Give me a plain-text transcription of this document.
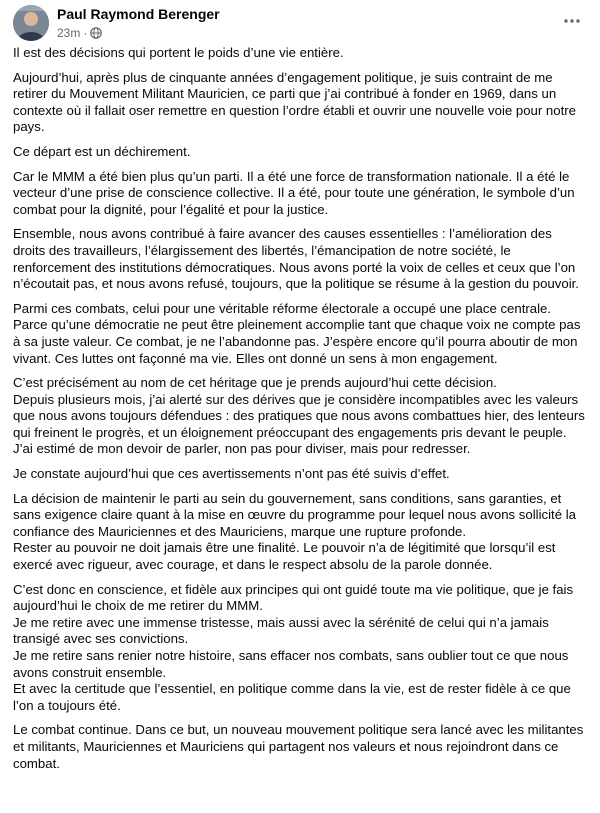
Paul Raymond Berenger
23m ·

Il est des décisions qui portent le poids d’une vie entière.

Aujourd’hui, après plus de cinquante années d’engagement politique, je suis contraint de me retirer du Mouvement Militant Mauricien, ce parti que j’ai contribué à fonder en 1969, dans un contexte où il fallait oser remettre en question l’ordre établi et ouvrir une nouvelle voie pour notre pays.

Ce départ est un déchirement.

Car le MMM a été bien plus qu’un parti. Il a été une force de transformation nationale. Il a été le vecteur d’une prise de conscience collective. Il a été, pour toute une génération, le symbole d’un combat pour la dignité, pour l’égalité et pour la justice.

Ensemble, nous avons contribué à faire avancer des causes essentielles : l’amélioration des droits des travailleurs, l’élargissement des libertés, l’émancipation de notre société, le renforcement des institutions démocratiques. Nous avons porté la voix de celles et ceux que l’on n’écoutait pas, et nous avons refusé, toujours, que la politique se résume à la gestion du pouvoir.

Parmi ces combats, celui pour une véritable réforme électorale a occupé une place centrale. Parce qu’une démocratie ne peut être pleinement accomplie tant que chaque voix ne compte pas à sa juste valeur. Ce combat, je ne l’abandonne pas. J’espère encore qu’il pourra aboutir de mon vivant. Ces luttes ont façonné ma vie. Elles ont donné un sens à mon engagement.

C’est précisément au nom de cet héritage que je prends aujourd’hui cette décision.
Depuis plusieurs mois, j’ai alerté sur des dérives que je considère incompatibles avec les valeurs que nous avons toujours défendues : des pratiques que nous avons combattues hier, des lenteurs qui freinent le progrès, et un éloignement préoccupant des engagements pris devant le peuple.
J’ai estimé de mon devoir de parler, non pas pour diviser, mais pour redresser.

Je constate aujourd’hui que ces avertissements n’ont pas été suivis d’effet.

La décision de maintenir le parti au sein du gouvernement, sans conditions, sans garanties, et sans exigence claire quant à la mise en œuvre du programme pour lequel nous avons sollicité la confiance des Mauriciennes et des Mauriciens, marque une rupture profonde.
Rester au pouvoir ne doit jamais être une finalité. Le pouvoir n’a de légitimité que lorsqu’il est exercé avec rigueur, avec courage, et dans le respect absolu de la parole donnée.

C’est donc en conscience, et fidèle aux principes qui ont guidé toute ma vie politique, que je fais aujourd’hui le choix de me retirer du MMM.
Je me retire avec une immense tristesse, mais aussi avec la sérénité de celui qui n’a jamais transigé avec ses convictions.
Je me retire sans renier notre histoire, sans effacer nos combats, sans oublier tout ce que nous avons construit ensemble.
Et avec la certitude que l’essentiel, en politique comme dans la vie, est de rester fidèle à ce que l’on a toujours été.

Le combat continue. Dans ce but, un nouveau mouvement politique sera lancé avec les militantes et militants, Mauriciennes et Mauriciens qui partagent nos valeurs et nous rejoindront dans ce combat.
